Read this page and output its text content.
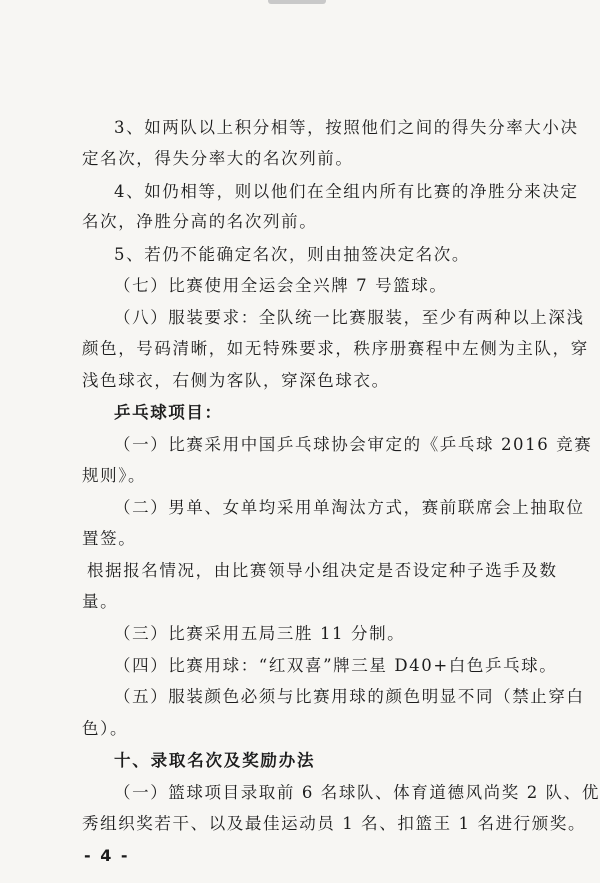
3、如两队以上积分相等，按照他们之间的得失分率大小决
定名次，得失分率大的名次列前。
4、如仍相等，则以他们在全组内所有比赛的净胜分来决定
名次，净胜分高的名次列前。
5、若仍不能确定名次，则由抽签决定名次。
（七）比赛使用全运会全兴牌 7 号篮球。
（八）服装要求：全队统一比赛服装，至少有两种以上深浅
颜色，号码清晰，如无特殊要求，秩序册赛程中左侧为主队，穿
浅色球衣，右侧为客队，穿深色球衣。
乒乓球项目：
（一）比赛采用中国乒乓球协会审定的《乒乓球 2016 竞赛
规则》。
（二）男单、女单均采用单淘汰方式，赛前联席会上抽取位
置签。
根据报名情况，由比赛领导小组决定是否设定种子选手及数
量。
（三）比赛采用五局三胜 11 分制。
（四）比赛用球：“红双喜”牌三星 D40+白色乒乓球。
（五）服装颜色必须与比赛用球的颜色明显不同（禁止穿白
色）。
十、录取名次及奖励办法
（一）篮球项目录取前 6 名球队、体育道德风尚奖 2 队、优
秀组织奖若干、以及最佳运动员 1 名、扣篮王 1 名进行颁奖。
- 4 -
